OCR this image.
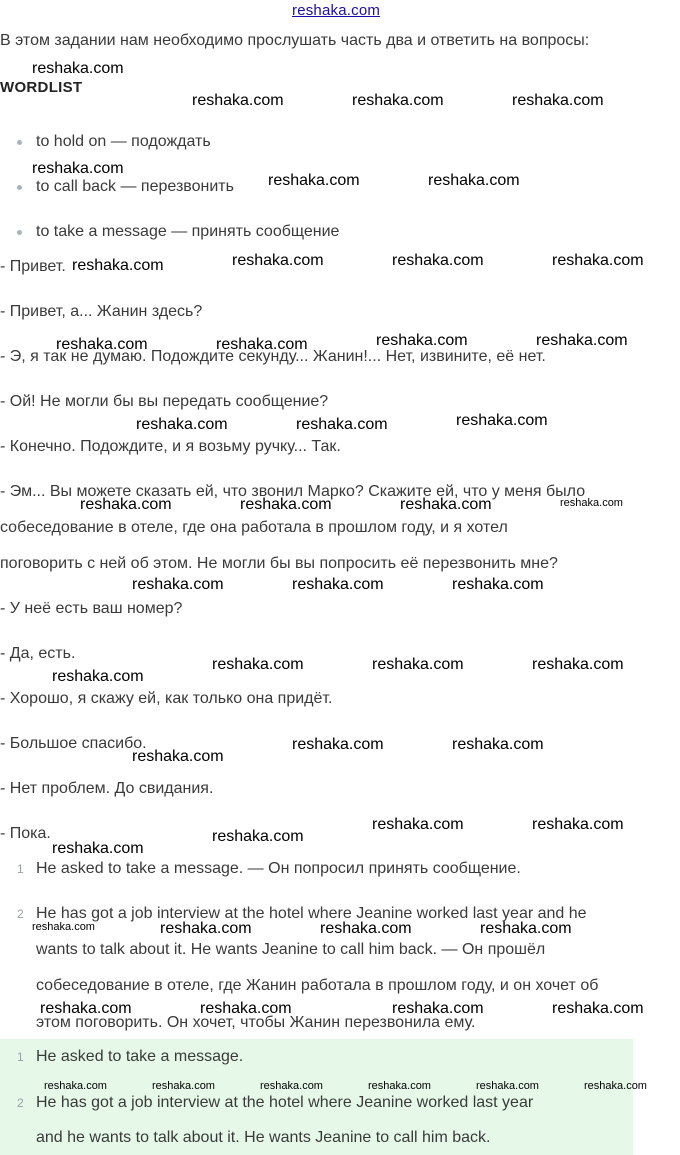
reshaka.com
В этом задании нам необходимо прослушать часть два и ответить на вопросы:
WORDLIST
to hold on — подождать
to call back — перезвонить
to take a message — принять сообщение
- Привет.
- Привет, а... Жанин здесь?
- Э, я так не думаю. Подождите секунду... Жанин!... Нет, извините, её нет.
- Ой! Не могли бы вы передать сообщение?
- Конечно. Подождите, и я возьму ручку... Так.
- Эм... Вы можете сказать ей, что звонил Марко? Скажите ей, что у меня было
собеседование в отеле, где она работала в прошлом году, и я хотел
поговорить с ней об этом. Не могли бы вы попросить её перезвонить мне?
- У неё есть ваш номер?
- Да, есть.
- Хорошо, я скажу ей, как только она придёт.
- Большое спасибо.
- Нет проблем. До свидания.
- Пока.
1 He asked to take a message. — Он попросил принять сообщение.
2 He has got a job interview at the hotel where Jeanine worked last year and he
wants to talk about it. He wants Jeanine to call him back. — Он прошёл
собеседование в отеле, где Жанин работала в прошлом году, и он хочет об
этом поговорить. Он хочет, чтобы Жанин перезвонила ему.
1 He asked to take a message.
2 He has got a job interview at the hotel where Jeanine worked last year
and he wants to talk about it. He wants Jeanine to call him back.
reshaka.com
reshaka.com	reshaka.com	reshaka.com
reshaka.com
reshaka.com	reshaka.com
reshaka.com	reshaka.com	reshaka.com	reshaka.com
reshaka.com	reshaka.com	reshaka.com	reshaka.com
reshaka.com	reshaka.com	reshaka.com
reshaka.com	reshaka.com	reshaka.com	reshaka.com
reshaka.com	reshaka.com	reshaka.com
reshaka.com
reshaka.com	reshaka.com	reshaka.com
reshaka.com
reshaka.com	reshaka.com
reshaka.com
reshaka.com
reshaka.com	reshaka.com
reshaka.com	reshaka.com	reshaka.com	reshaka.com
reshaka.com	reshaka.com	reshaka.com	reshaka.com
reshaka.com	reshaka.com	reshaka.com	reshaka.com	reshaka.com	reshaka.com
